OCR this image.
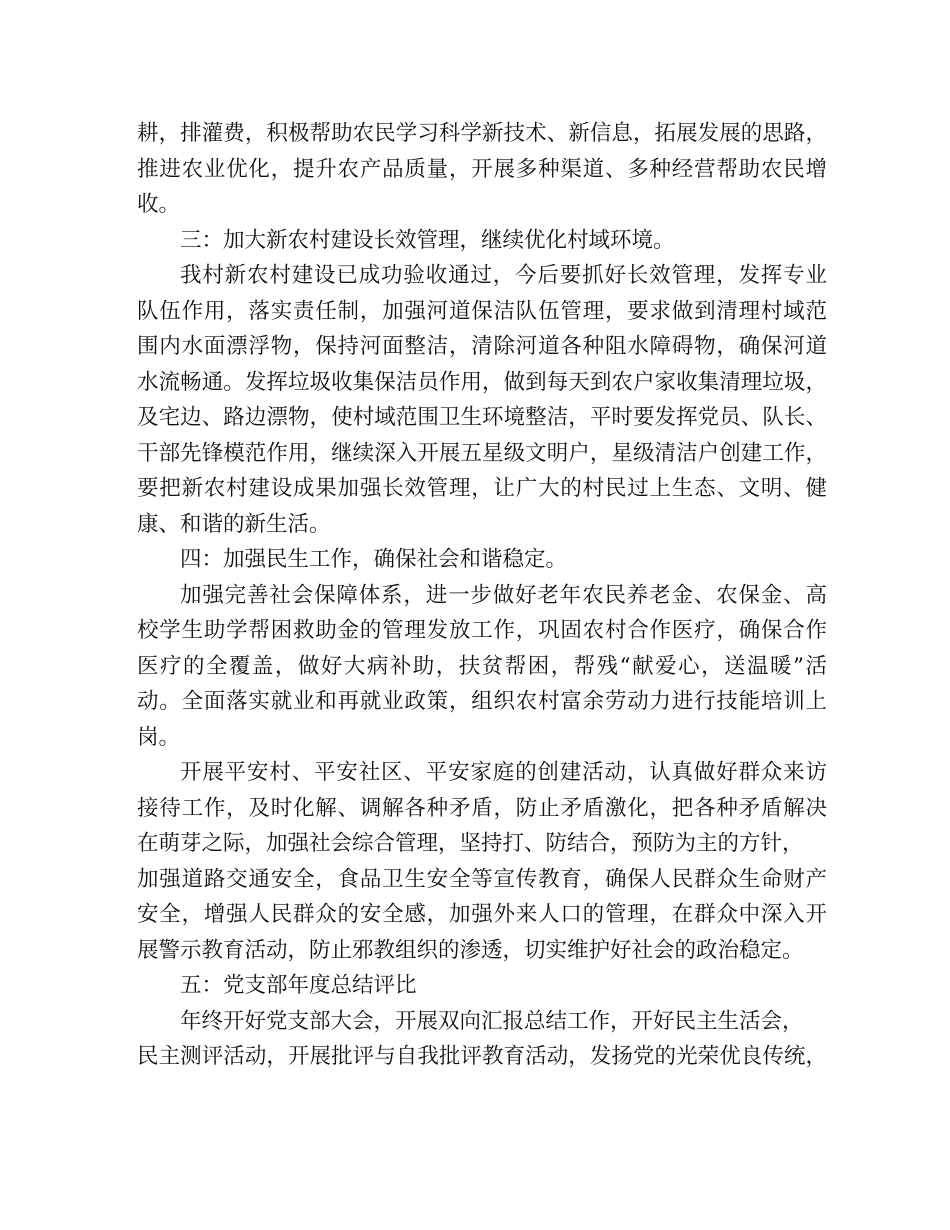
耕，排灌费，积极帮助农民学习科学新技术、新信息，拓展发展的思路，
推进农业优化，提升农产品质量，开展多种渠道、多种经营帮助农民增
收。
三：加大新农村建设长效管理，继续优化村域环境。
我村新农村建设已成功验收通过，今后要抓好长效管理，发挥专业
队伍作用，落实责任制，加强河道保洁队伍管理，要求做到清理村域范
围内水面漂浮物，保持河面整洁，清除河道各种阻水障碍物，确保河道
水流畅通。发挥垃圾收集保洁员作用，做到每天到农户家收集清理垃圾，
及宅边、路边漂物，使村域范围卫生环境整洁，平时要发挥党员、队长、
干部先锋模范作用，继续深入开展五星级文明户，星级清洁户创建工作，
要把新农村建设成果加强长效管理，让广大的村民过上生态、文明、健
康、和谐的新生活。
四：加强民生工作，确保社会和谐稳定。
加强完善社会保障体系，进一步做好老年农民养老金、农保金、高
校学生助学帮困救助金的管理发放工作，巩固农村合作医疗，确保合作
医疗的全覆盖，做好大病补助，扶贫帮困，帮残“献爱心，送温暖”活
动。全面落实就业和再就业政策，组织农村富余劳动力进行技能培训上
岗。
开展平安村、平安社区、平安家庭的创建活动，认真做好群众来访
接待工作，及时化解、调解各种矛盾，防止矛盾激化，把各种矛盾解决
在萌芽之际，加强社会综合管理，坚持打、防结合，预防为主的方针，
加强道路交通安全，食品卫生安全等宣传教育，确保人民群众生命财产
安全，增强人民群众的安全感，加强外来人口的管理，在群众中深入开
展警示教育活动，防止邪教组织的渗透，切实维护好社会的政治稳定。
五：党支部年度总结评比
年终开好党支部大会，开展双向汇报总结工作，开好民主生活会，
民主测评活动，开展批评与自我批评教育活动，发扬党的光荣优良传统，
